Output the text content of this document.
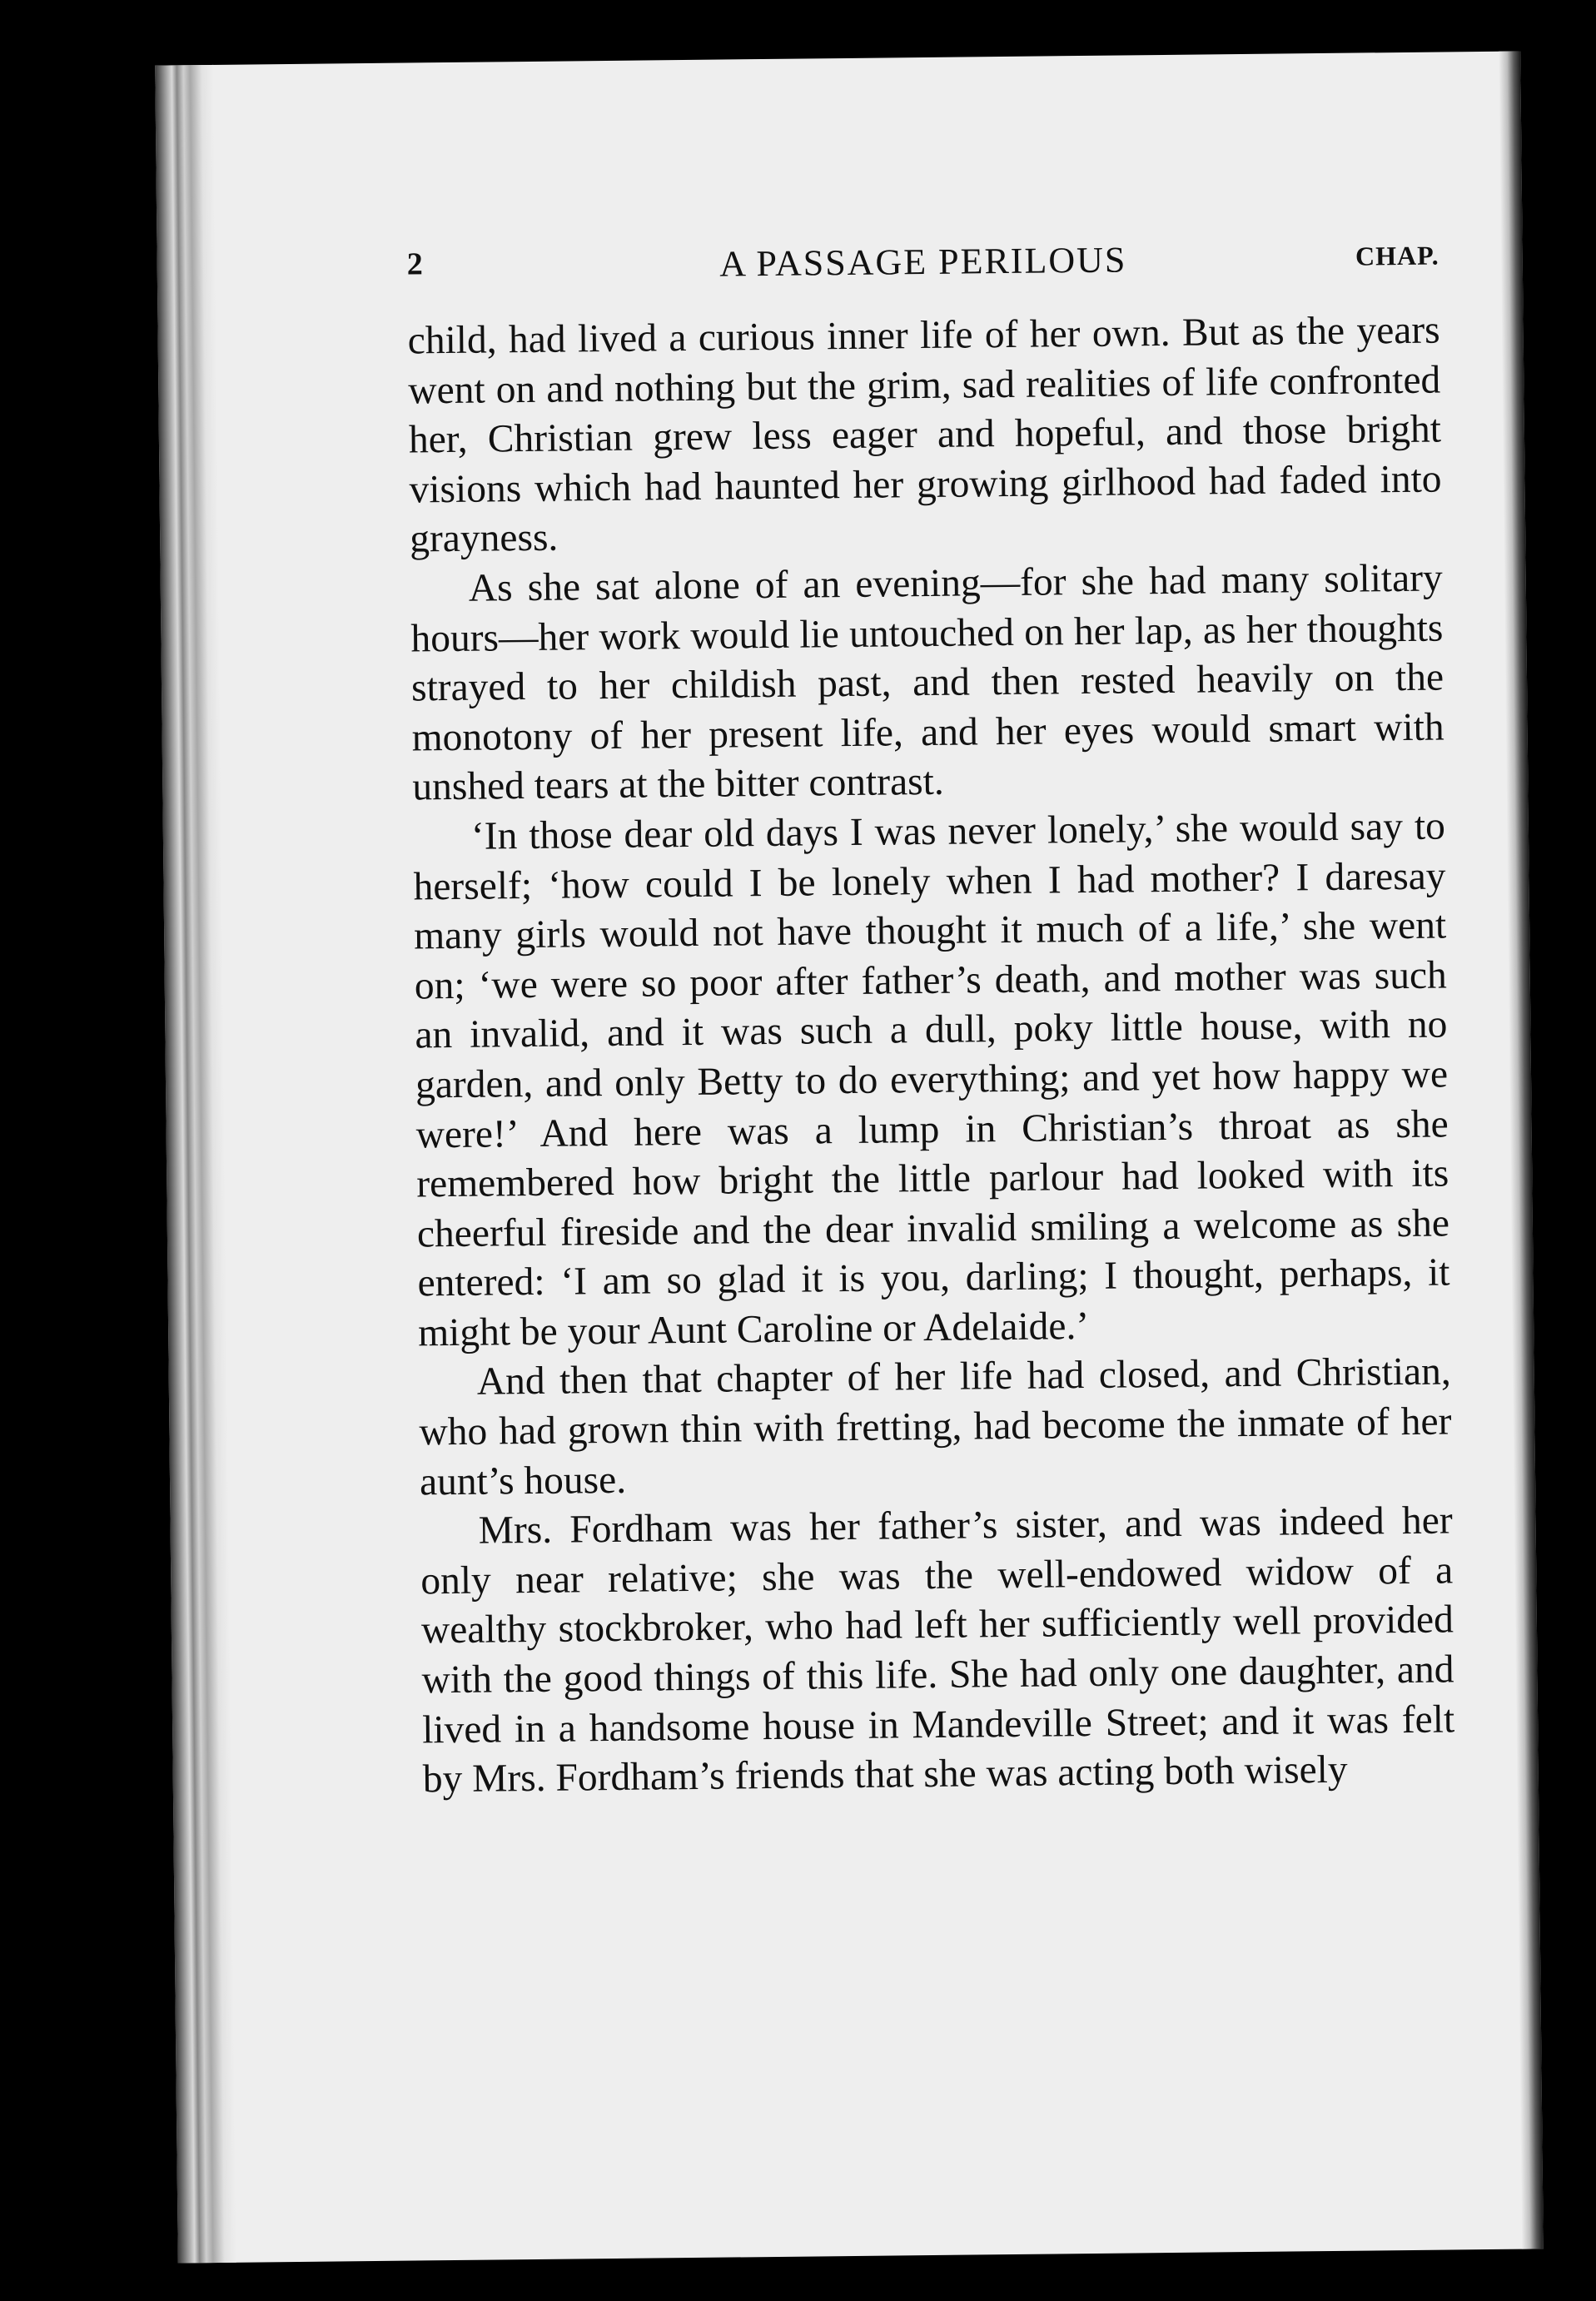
2	A PASSAGE PERILOUS	CHAP.

child, had lived a curious inner life of her own. But as the years went on and nothing but the grim, sad realities of life confronted her, Christian grew less eager and hopeful, and those bright visions which had haunted her growing girlhood had faded into grayness.

As she sat alone of an evening—for she had many solitary hours—her work would lie untouched on her lap, as her thoughts strayed to her childish past, and then rested heavily on the monotony of her present life, and her eyes would smart with unshed tears at the bitter contrast.

‘In those dear old days I was never lonely,’ she would say to herself; ‘how could I be lonely when I had mother? I daresay many girls would not have thought it much of a life,’ she went on; ‘we were so poor after father’s death, and mother was such an invalid, and it was such a dull, poky little house, with no garden, and only Betty to do everything; and yet how happy we were!’ And here was a lump in Christian’s throat as she remembered how bright the little parlour had looked with its cheerful fireside and the dear invalid smiling a welcome as she entered: ‘I am so glad it is you, darling; I thought, perhaps, it might be your Aunt Caroline or Adelaide.’

And then that chapter of her life had closed, and Christian, who had grown thin with fretting, had become the inmate of her aunt’s house.

Mrs. Fordham was her father’s sister, and was indeed her only near relative; she was the well-endowed widow of a wealthy stockbroker, who had left her sufficiently well provided with the good things of this life. She had only one daughter, and lived in a handsome house in Mandeville Street; and it was felt by Mrs. Fordham’s friends that she was acting both wisely
